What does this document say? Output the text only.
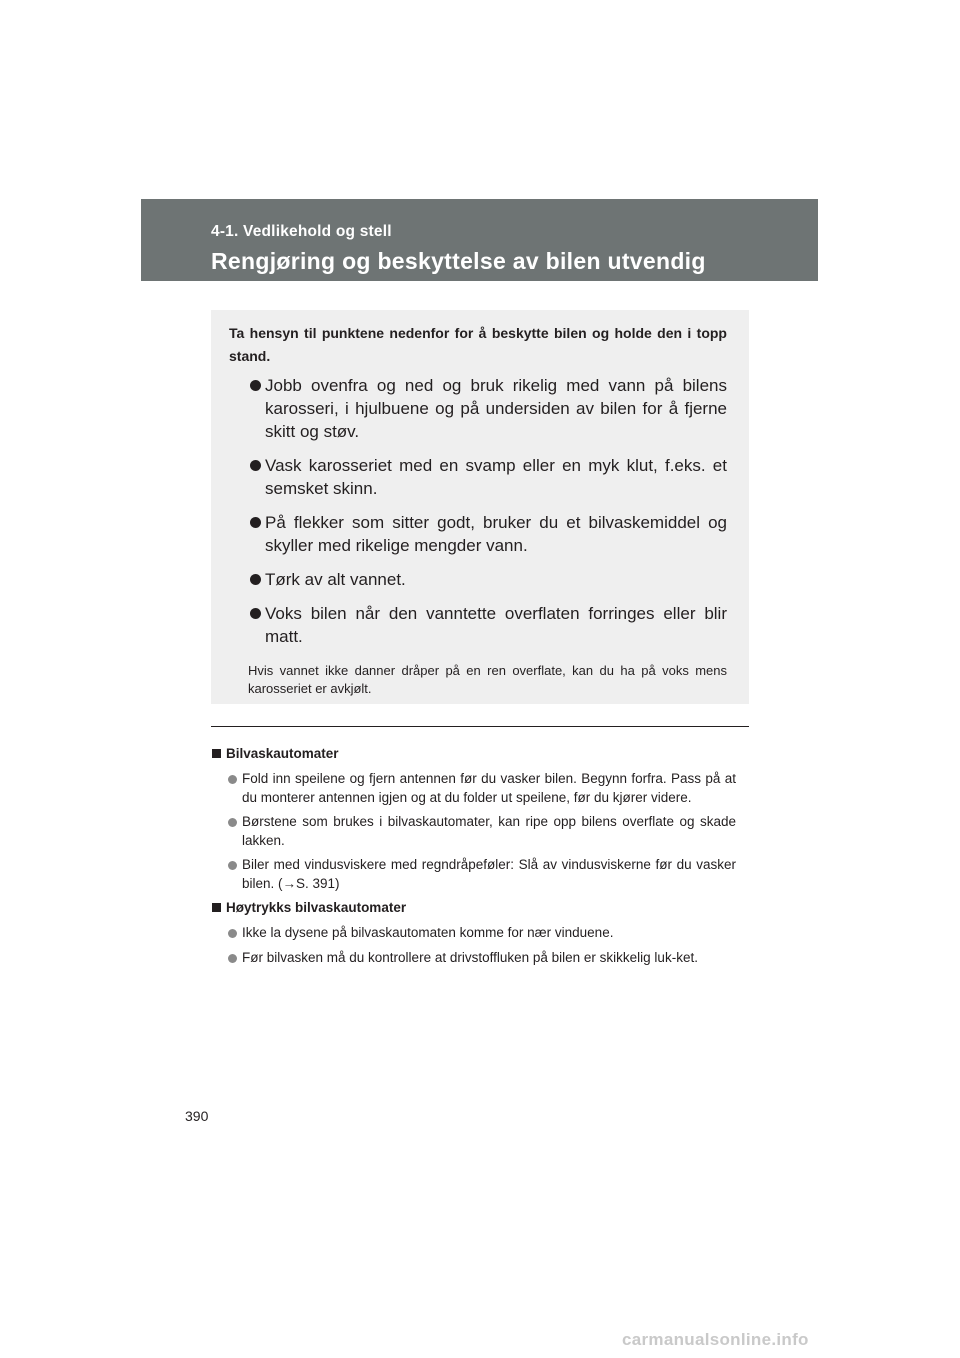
4-1. Vedlikehold og stell
Rengjøring og beskyttelse av bilen utvendig

Ta hensyn til punktene nedenfor for å beskytte bilen og holde den i topp stand.

Jobb ovenfra og ned og bruk rikelig med vann på bilens karosseri, i hjulbuene og på undersiden av bilen for å fjerne skitt og støv.
Vask karosseriet med en svamp eller en myk klut, f.eks. et semsket skinn.
På flekker som sitter godt, bruker du et bilvaskemiddel og skyller med rikelige mengder vann.
Tørk av alt vannet.
Voks bilen når den vanntette overflaten forringes eller blir matt.
Hvis vannet ikke danner dråper på en ren overflate, kan du ha på voks mens karosseriet er avkjølt.
Bilvaskautomater
Fold inn speilene og fjern antennen før du vasker bilen. Begynn forfra. Pass på at du monterer antennen igjen og at du folder ut speilene, før du kjører videre.
Børstene som brukes i bilvaskautomater, kan ripe opp bilens overflate og skade lakken.
Biler med vindusviskere med regndråpeføler: Slå av vindusviskerne før du vasker bilen. (→S. 391)
Høytrykks bilvaskautomater
Ikke la dysene på bilvaskautomaten komme for nær vinduene.
Før bilvasken må du kontrollere at drivstoffluken på bilen er skikkelig luk-ket.
390
carmanualsonline.info
